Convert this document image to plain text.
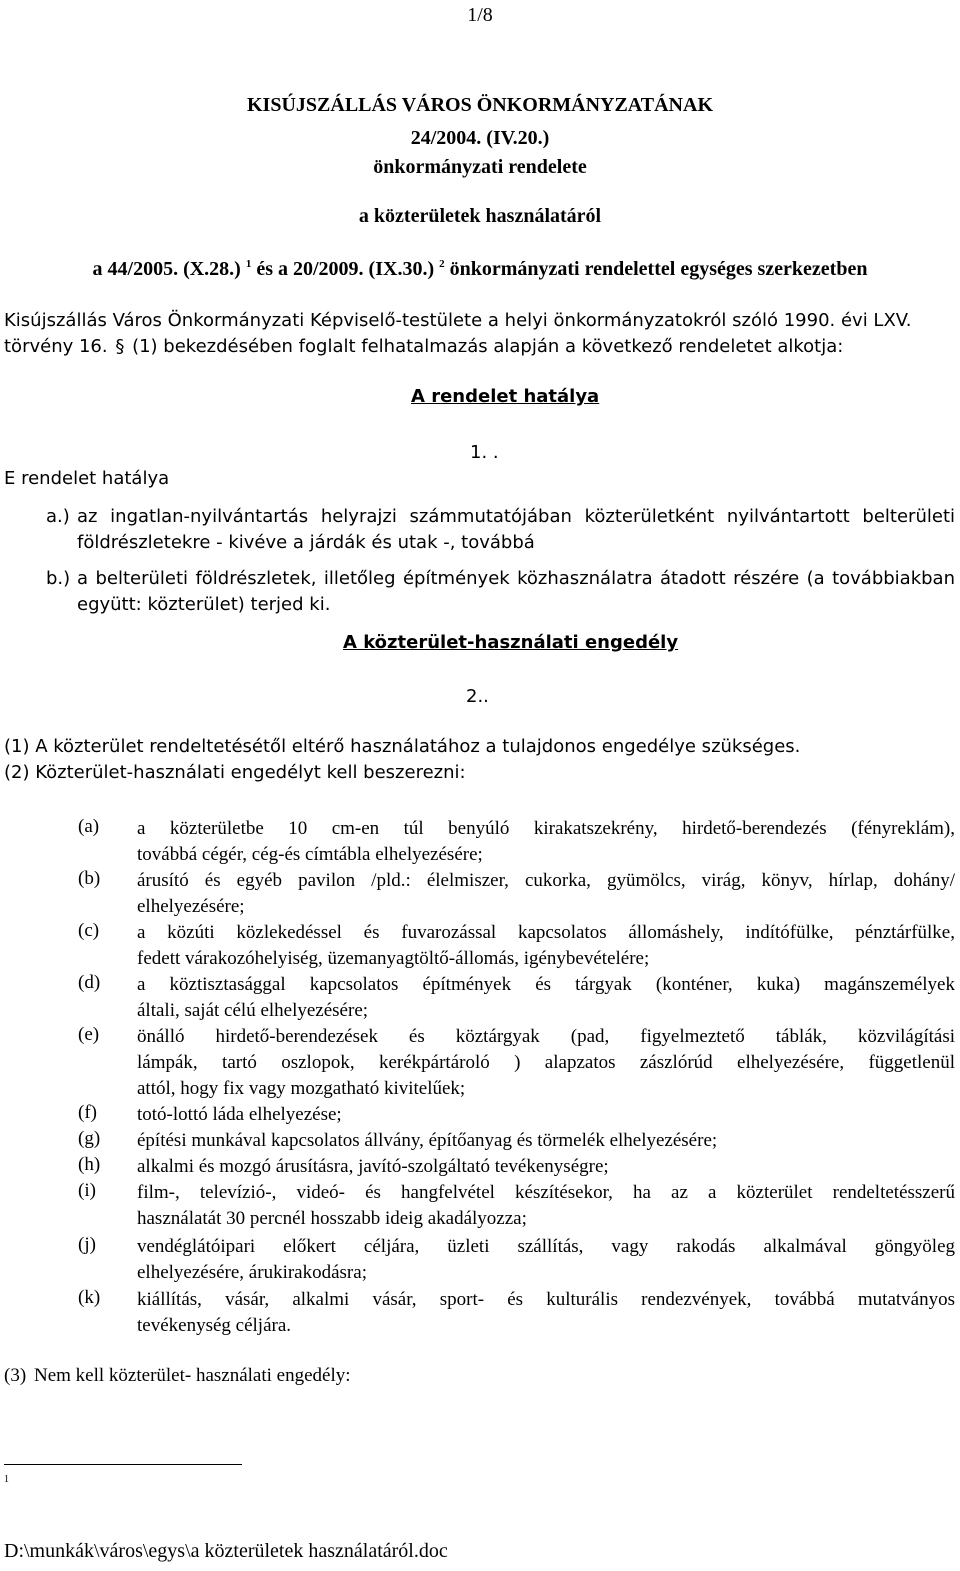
1/8
KISÚJSZÁLLÁS VÁROS ÖNKORMÁNYZATÁNAK
24/2004. (IV.20.)
önkormányzati rendelete
a közterületek használatáról
a 44/2005. (X.28.) $^1$ és a 20/2009. (IX.30.) $^2$ önkormányzati rendelettel egységes szerkezetben
Kisújszállás Város Önkormányzati Képviselő-testülete a helyi önkormányzatokról szóló 1990. évi LXV.
törvény 16. § (1) bekezdésében foglalt felhatalmazás alapján a következő rendeletet alkotja:
A rendelet hatálya
1. .
E rendelet hatálya
a.) az ingatlan-nyilvántartás helyrajzi számmutatójában közterületként nyilvántartott belterületi
földrészletekre - kivéve a járdák és utak -, továbbá
b.) a belterületi földrészletek, illetőleg építmények közhasználatra átadott részére (a továbbiakban
együtt: közterület) terjed ki.
A közterület-használati engedély
2..
(1) A közterület rendeltetésétől eltérő használatához a tulajdonos engedélye szükséges.
(2) Közterület-használati engedélyt kell beszerezni:
(a) a közterületbe 10 cm-en túl benyúló kirakatszekrény, hirdető-berendezés (fényreklám),
továbbá cégér, cég-és címtábla elhelyezésére;
(b) árusító és egyéb pavilon /pld.: élelmiszer, cukorka, gyümölcs, virág, könyv, hírlap, dohány/
elhelyezésére;
(c) a közúti közlekedéssel és fuvarozással kapcsolatos állomáshely, indítófülke, pénztárfülke,
fedett várakozóhelyiség, üzemanyagtöltő-állomás, igénybevételére;
(d) a köztisztasággal kapcsolatos építmények és tárgyak (konténer, kuka) magánszemélyek
általi, saját célú elhelyezésére;
(e) önálló hirdető-berendezések és köztárgyak (pad, figyelmeztető táblák, közvilágítási
lámpák, tartó oszlopok, kerékpártároló ) alapzatos zászlórúd elhelyezésére, függetlenül
attól, hogy fix vagy mozgatható kivitelűek;
(f) totó-lottó láda elhelyezése;
(g) építési munkával kapcsolatos állvány, építőanyag és törmelék elhelyezésére;
(h) alkalmi és mozgó árusításra, javító-szolgáltató tevékenységre;
(i) film-, televízió-, videó- és hangfelvétel készítésekor, ha az a közterület rendeltetésszerű
használatát 30 percnél hosszabb ideig akadályozza;
(j) vendéglátóipari előkert céljára, üzleti szállítás, vagy rakodás alkalmával göngyöleg
elhelyezésére, árukirakodásra;
(k) kiállítás, vásár, alkalmi vásár, sport- és kulturális rendezvények, továbbá mutatványos
tevékenység céljára.
(3) Nem kell közterület- használati engedély:
1
D:\munkák\város\egys\a közterületek használatáról.doc
